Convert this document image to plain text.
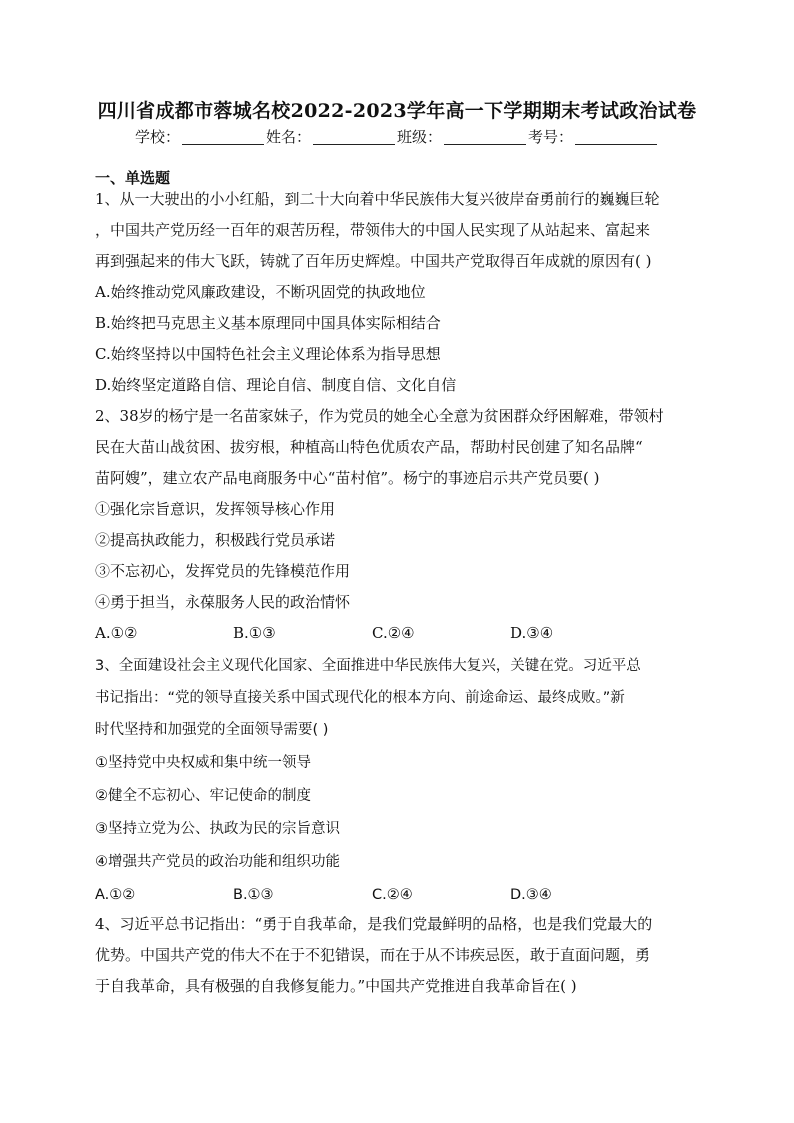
四川省成都市蓉城名校2022-2023学年高一下学期期末考试政治试卷
学校：	姓名：	班级：	考号：
一、单选题
1、从一大驶出的小小红船，到二十大向着中华民族伟大复兴彼岸奋勇前行的巍巍巨轮
，中国共产党历经一百年的艰苦历程，带领伟大的中国人民实现了从站起来、富起来
再到强起来的伟大飞跃，铸就了百年历史辉煌。中国共产党取得百年成就的原因有( )
A.始终推动党风廉政建设，不断巩固党的执政地位
B.始终把马克思主义基本原理同中国具体实际相结合
C.始终坚持以中国特色社会主义理论体系为指导思想
D.始终坚定道路自信、理论自信、制度自信、文化自信
2、38岁的杨宁是一名苗家妹子，作为党员的她全心全意为贫困群众纾困解难，带领村
民在大苗山战贫困、拔穷根，种植高山特色优质农产品，帮助村民创建了知名品牌“
苗阿嫂”，建立农产品电商服务中心“苗村倌”。杨宁的事迹启示共产党员要( )
①强化宗旨意识，发挥领导核心作用
②提高执政能力，积极践行党员承诺
③不忘初心，发挥党员的先锋模范作用
④勇于担当，永葆服务人民的政治情怀
A.①②	B.①③	C.②④	D.③④
3、全面建设社会主义现代化国家、全面推进中华民族伟大复兴，关键在党。习近平总
书记指出：“党的领导直接关系中国式现代化的根本方向、前途命运、最终成败。”新
时代坚持和加强党的全面领导需要( )
①坚持党中央权威和集中统一领导
②健全不忘初心、牢记使命的制度
③坚持立党为公、执政为民的宗旨意识
④增强共产党员的政治功能和组织功能
A.①②	B.①③	C.②④	D.③④
4、习近平总书记指出：“勇于自我革命，是我们党最鲜明的品格，也是我们党最大的
优势。中国共产党的伟大不在于不犯错误，而在于从不讳疾忌医，敢于直面问题，勇
于自我革命，具有极强的自我修复能力。”中国共产党推进自我革命旨在( )
